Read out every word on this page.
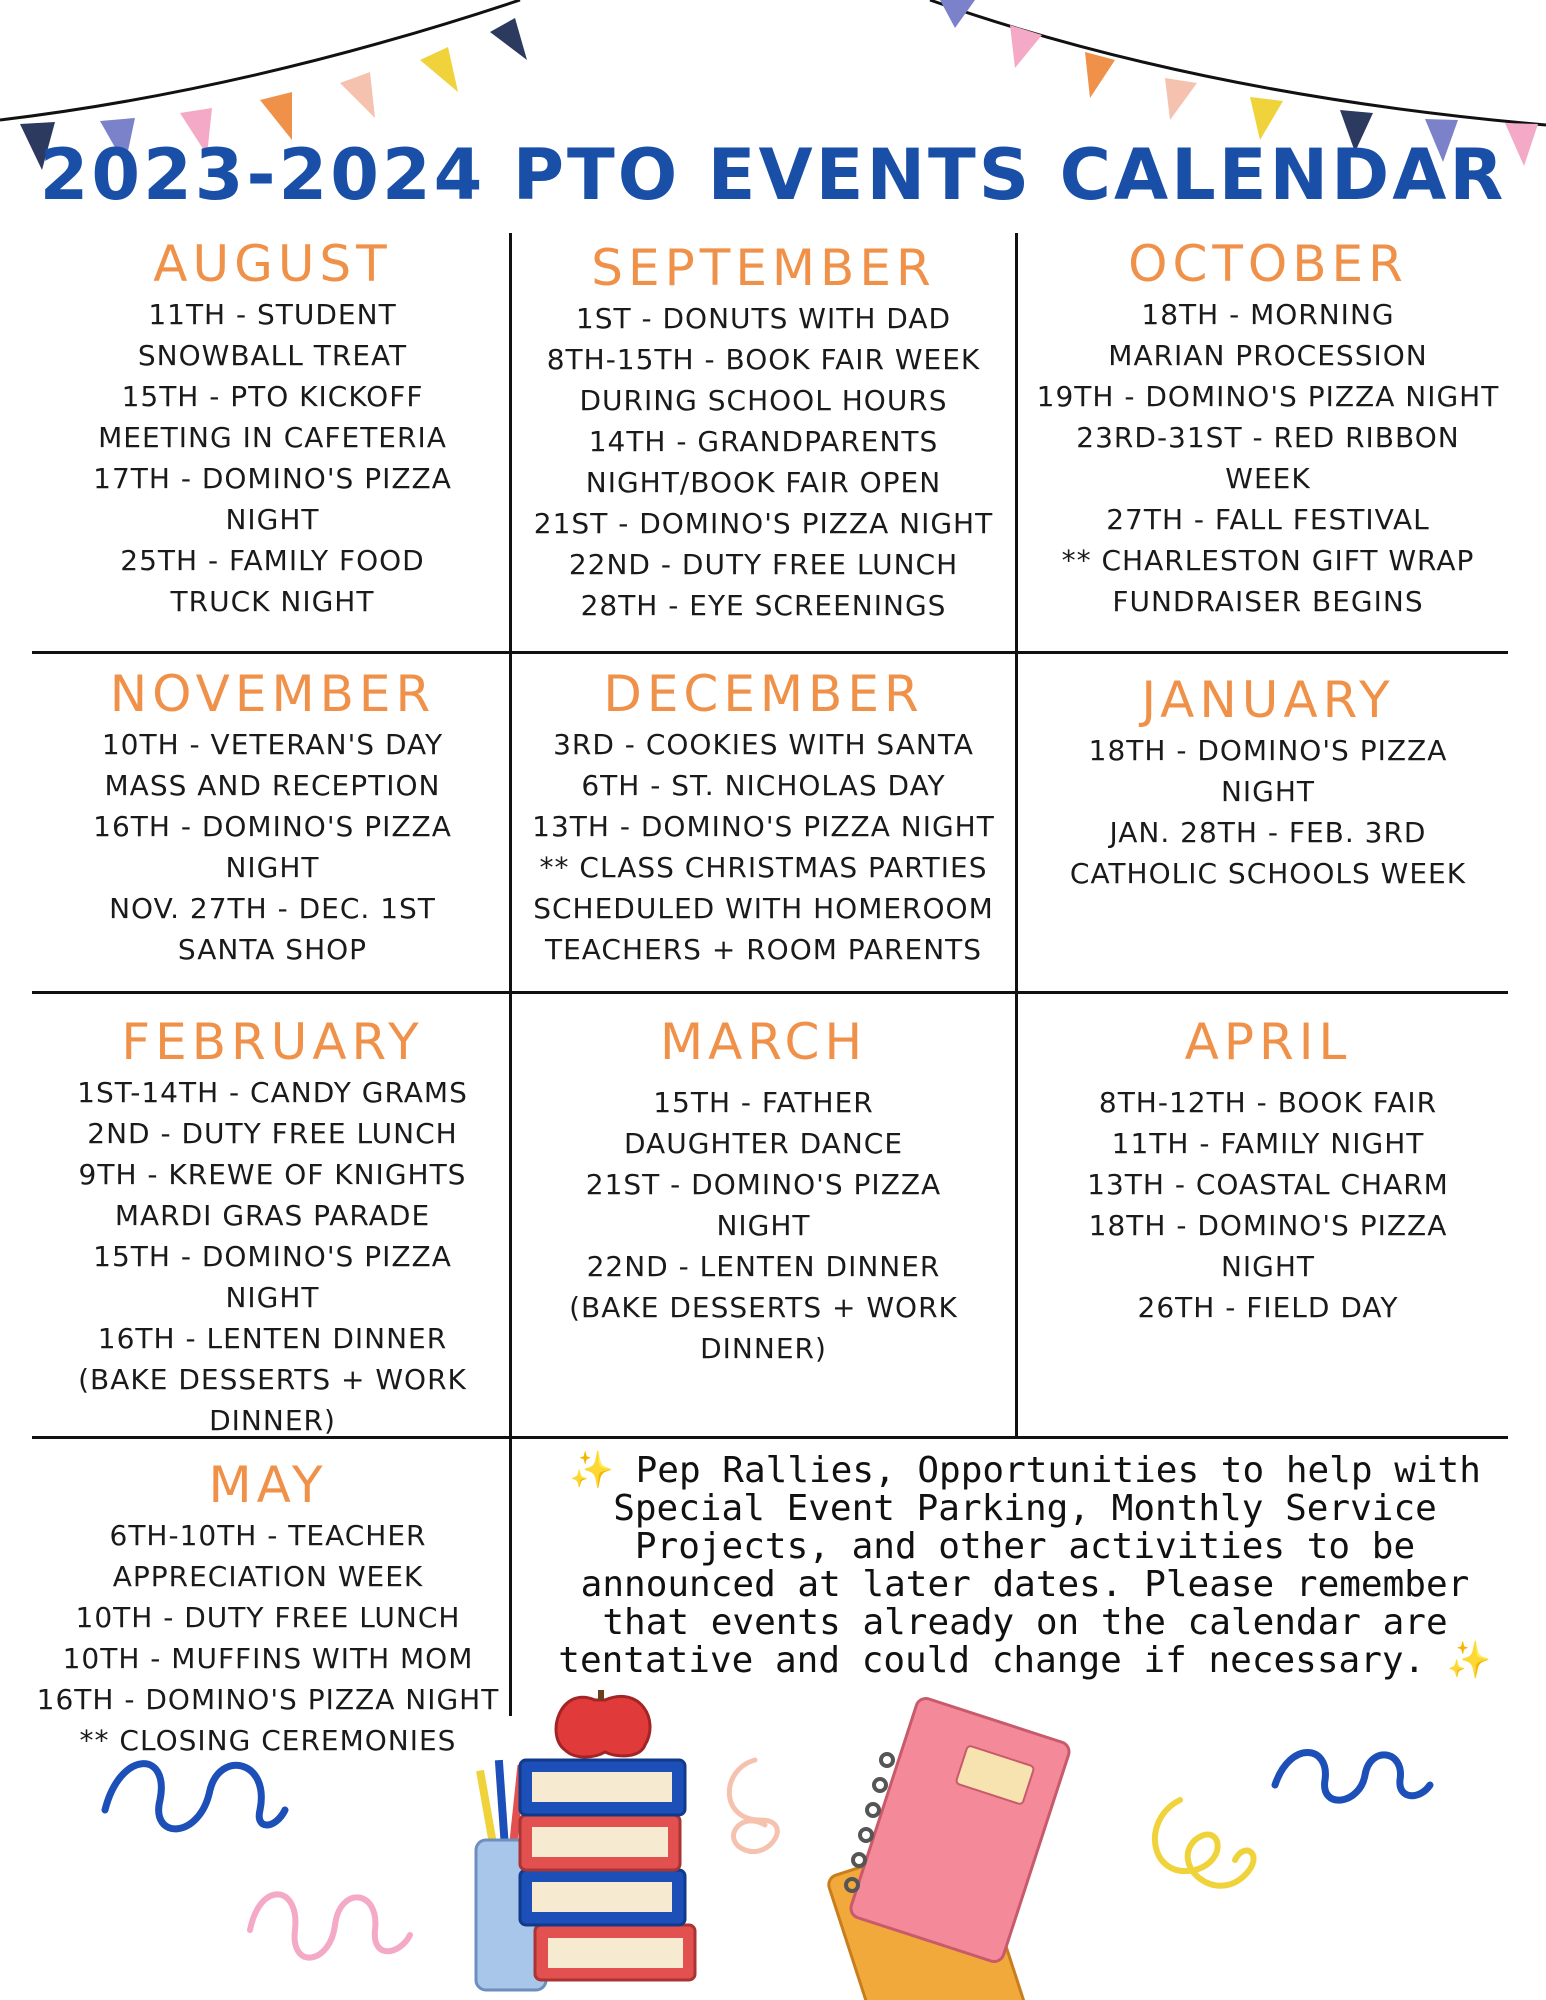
2023-2024 PTO EVENTS CALENDAR
AUGUST
11TH - STUDENT
SNOWBALL TREAT
15TH - PTO KICKOFF
MEETING IN CAFETERIA
17TH - DOMINO'S PIZZA
NIGHT
25TH - FAMILY FOOD
TRUCK NIGHT
SEPTEMBER
1ST - DONUTS WITH DAD
8TH-15TH - BOOK FAIR WEEK
DURING SCHOOL HOURS
14TH - GRANDPARENTS
NIGHT/BOOK FAIR OPEN
21ST - DOMINO'S PIZZA NIGHT
22ND - DUTY FREE LUNCH
28TH - EYE SCREENINGS
OCTOBER
18TH - MORNING
MARIAN PROCESSION
19TH - DOMINO'S PIZZA NIGHT
23RD-31ST - RED RIBBON
WEEK
27TH - FALL FESTIVAL
** CHARLESTON GIFT WRAP
FUNDRAISER BEGINS
NOVEMBER
10TH - VETERAN'S DAY
MASS AND RECEPTION
16TH - DOMINO'S PIZZA
NIGHT
NOV. 27TH - DEC. 1ST
SANTA SHOP
DECEMBER
3RD - COOKIES WITH SANTA
6TH - ST. NICHOLAS DAY
13TH - DOMINO'S PIZZA NIGHT
** CLASS CHRISTMAS PARTIES
SCHEDULED WITH HOMEROOM
TEACHERS + ROOM PARENTS
JANUARY
18TH - DOMINO'S PIZZA
NIGHT
JAN. 28TH - FEB. 3RD
CATHOLIC SCHOOLS WEEK
FEBRUARY
1ST-14TH - CANDY GRAMS
2ND - DUTY FREE LUNCH
9TH - KREWE OF KNIGHTS
MARDI GRAS PARADE
15TH - DOMINO'S PIZZA
NIGHT
16TH - LENTEN DINNER
(BAKE DESSERTS + WORK
DINNER)
MARCH
15TH - FATHER
DAUGHTER DANCE
21ST - DOMINO'S PIZZA
NIGHT
22ND - LENTEN DINNER
(BAKE DESSERTS + WORK
DINNER)
APRIL
8TH-12TH - BOOK FAIR
11TH - FAMILY NIGHT
13TH - COASTAL CHARM
18TH - DOMINO'S PIZZA
NIGHT
26TH - FIELD DAY
MAY
6TH-10TH - TEACHER
APPRECIATION WEEK
10TH - DUTY FREE LUNCH
10TH - MUFFINS WITH MOM
16TH - DOMINO'S PIZZA NIGHT
** CLOSING CEREMONIES
✨ Pep Rallies, Opportunities to help with
Special Event Parking, Monthly Service
Projects, and other activities to be
announced at later dates. Please remember
that events already on the calendar are
tentative and could change if necessary. ✨
